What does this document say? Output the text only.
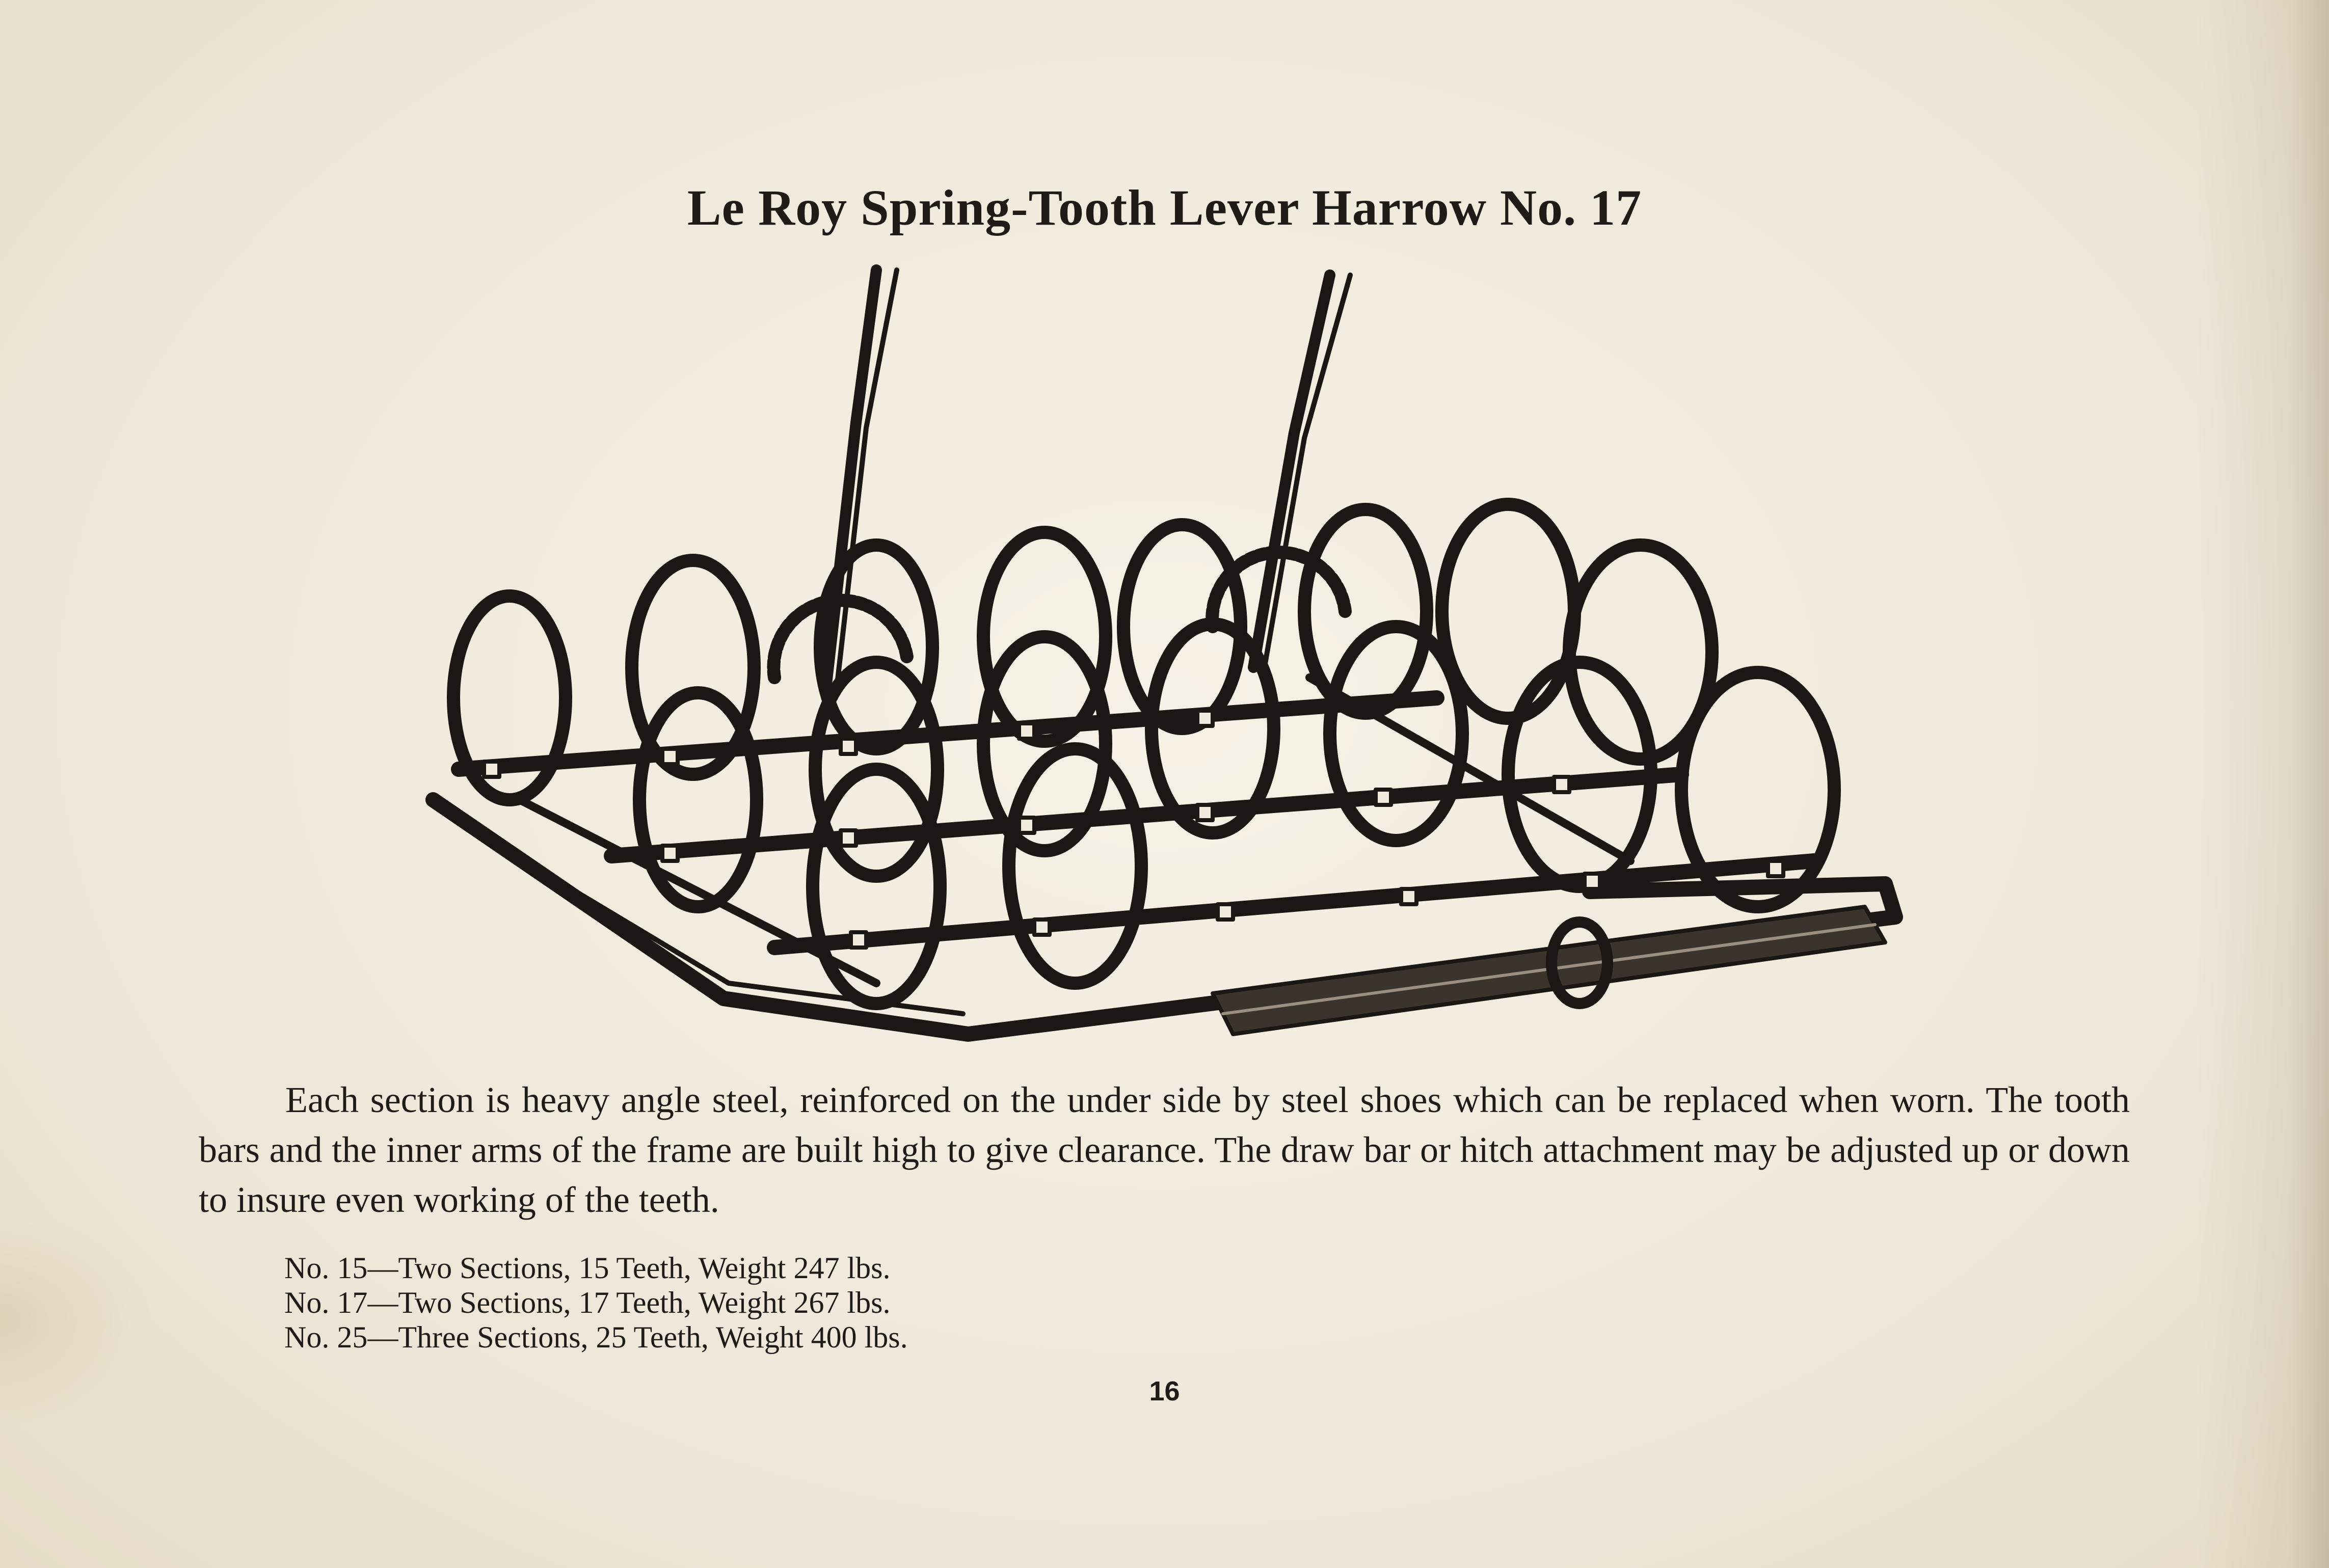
Le Roy Spring-Tooth Lever Harrow No. 17
Each section is heavy angle steel, reinforced on the under side by steel shoes which can be replaced when worn. The tooth bars and the inner arms of the frame are built high to give clearance. The draw bar or hitch attachment may be adjusted up or down to insure even working of the teeth.
No. 15—Two Sections, 15 Teeth, Weight 247 lbs.
No. 17—Two Sections, 17 Teeth, Weight 267 lbs.
No. 25—Three Sections, 25 Teeth, Weight 400 lbs.
16
